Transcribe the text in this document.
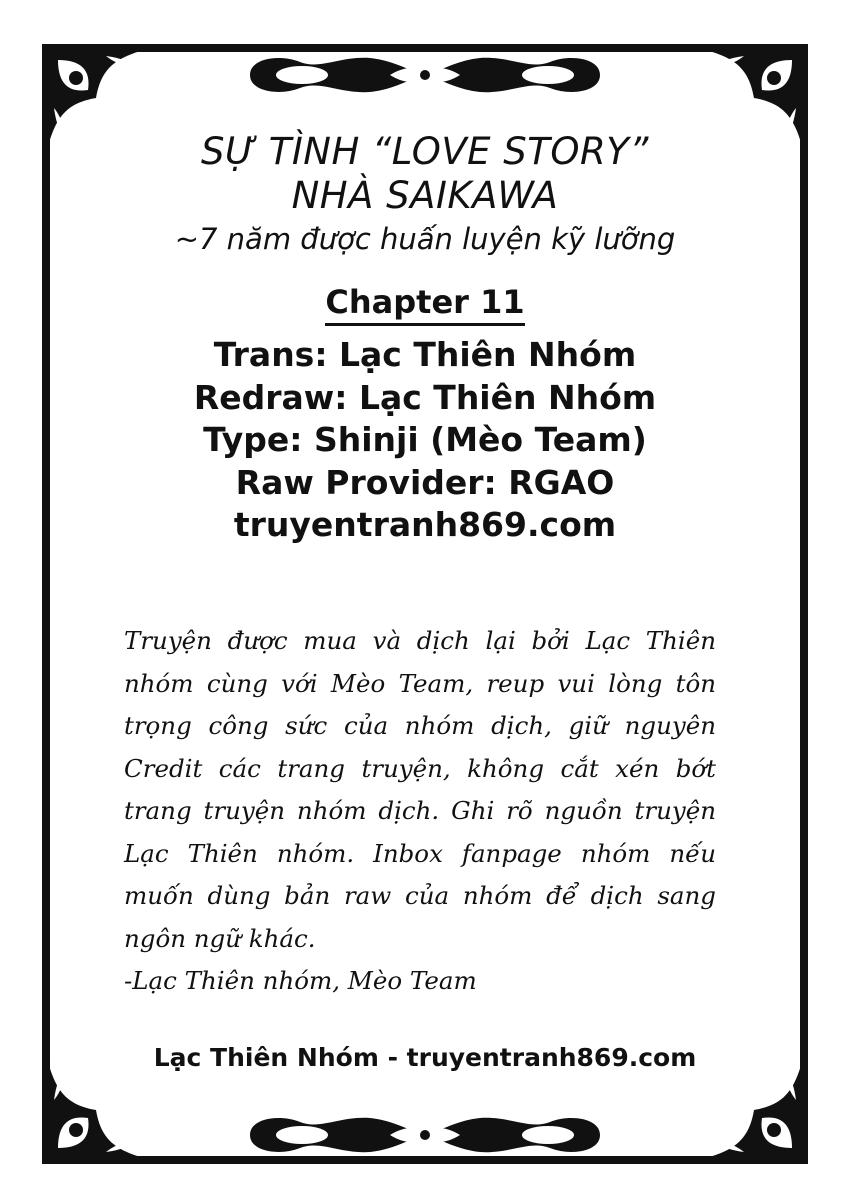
SỰ TÌNH “LOVE STORY”

NHÀ SAIKAWA

~7 năm được huấn luyện kỹ lưỡng

Chapter 11
Trans: Lạc Thiên Nhóm
Redraw: Lạc Thiên Nhóm
Type: Shinji (Mèo Team)
Raw Provider: RGAO
truyentranh869.com

Truyện được mua và dịch lại bởi Lạc Thiên nhóm cùng với Mèo Team, reup vui lòng tôn trọng công sức của nhóm dịch, giữ nguyên Credit các trang truyện, không cắt xén bớt trang truyện nhóm dịch. Ghi rõ nguồn truyện Lạc Thiên nhóm. Inbox fanpage nhóm nếu muốn dùng bản raw của nhóm để dịch sang ngôn ngữ khác.

-Lạc Thiên nhóm, Mèo Team

Lạc Thiên Nhóm - truyentranh869.com
